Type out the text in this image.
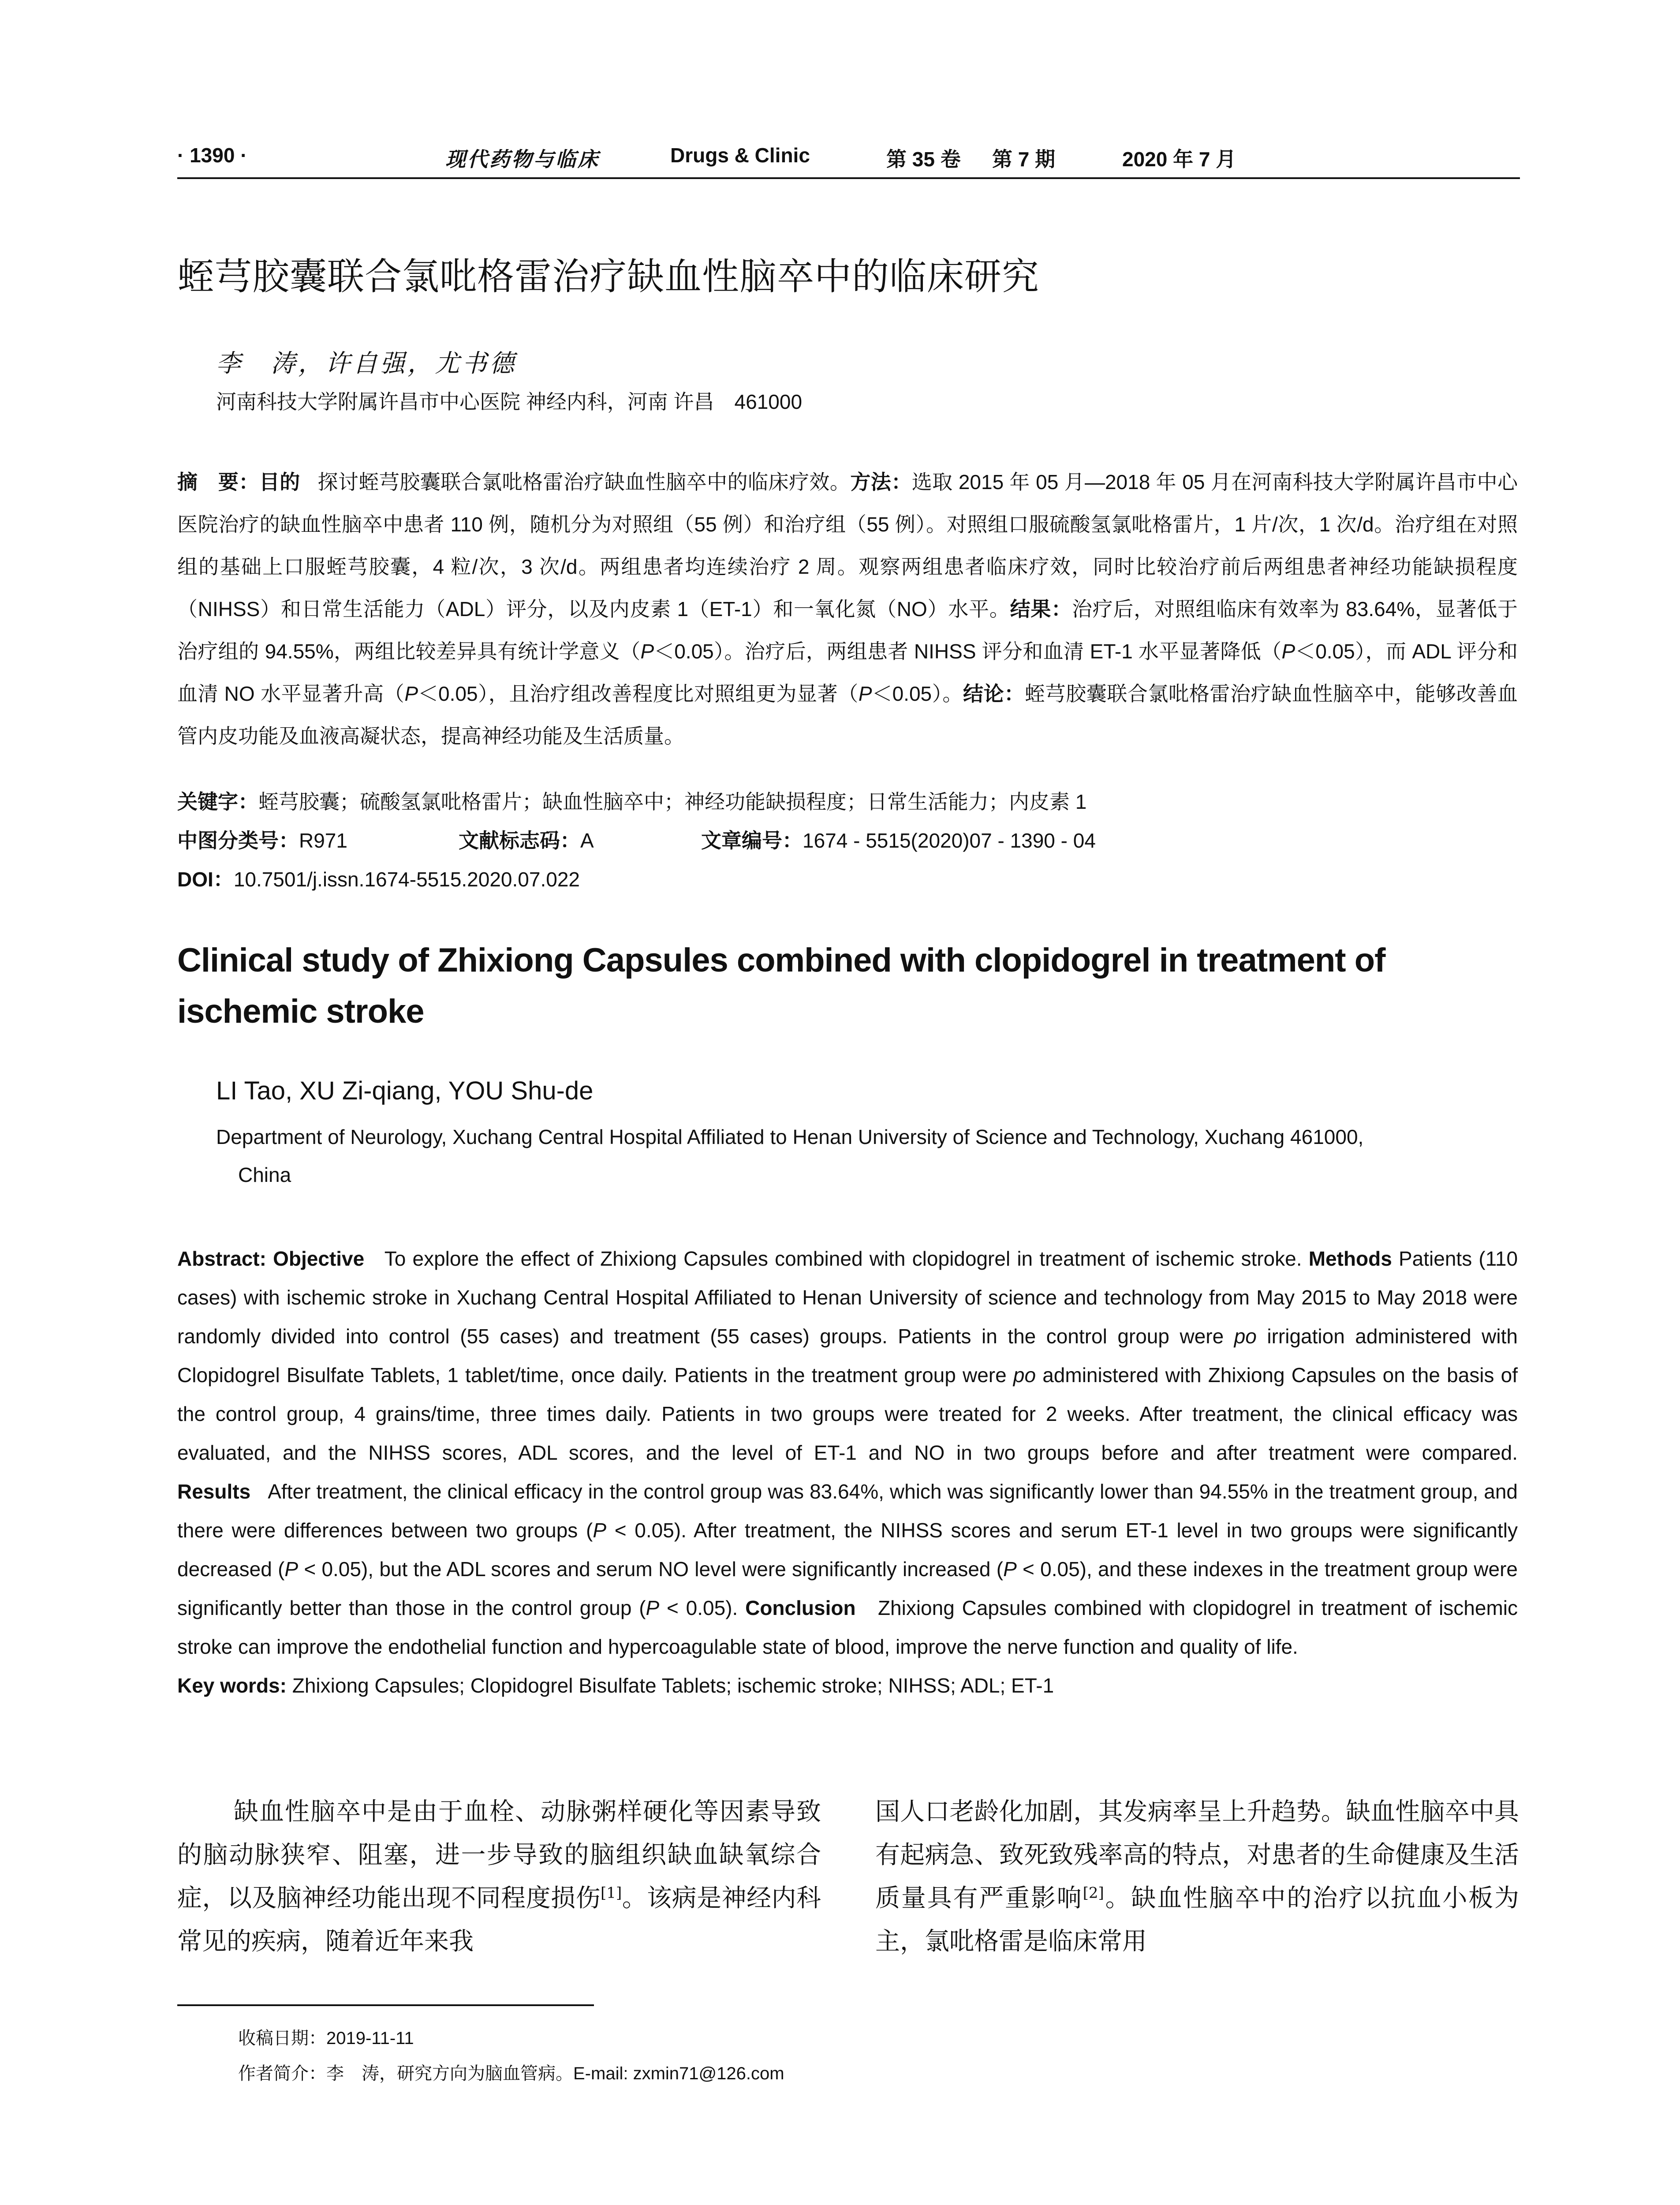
· 1390 ·	现代药物与临床	Drugs & Clinic	第 35 卷 第 7 期	2020 年 7 月
蛭芎胶囊联合氯吡格雷治疗缺血性脑卒中的临床研究
李　涛，许自强，尤书德
河南科技大学附属许昌市中心医院 神经内科，河南 许昌　461000

摘　要：目的 探讨蛭芎胶囊联合氯吡格雷治疗缺血性脑卒中的临床疗效。方法：选取 2015 年 05 月—2018 年 05 月在河南科技大学附属许昌市中心医院治疗的缺血性脑卒中患者 110 例，随机分为对照组（55 例）和治疗组（55 例）。对照组口服硫酸氢氯吡格雷片，1 片/次，1 次/d。治疗组在对照组的基础上口服蛭芎胶囊，4 粒/次，3 次/d。两组患者均连续治疗 2 周。观察两组患者临床疗效，同时比较治疗前后两组患者神经功能缺损程度（NIHSS）和日常生活能力（ADL）评分，以及内皮素 1（ET-1）和一氧化氮（NO）水平。结果：治疗后，对照组临床有效率为 83.64%，显著低于治疗组的 94.55%，两组比较差异具有统计学意义（P＜0.05）。治疗后，两组患者 NIHSS 评分和血清 ET-1 水平显著降低（P＜0.05），而 ADL 评分和血清 NO 水平显著升高（P＜0.05），且治疗组改善程度比对照组更为显著（P＜0.05）。结论：蛭芎胶囊联合氯吡格雷治疗缺血性脑卒中，能够改善血管内皮功能及血液高凝状态，提高神经功能及生活质量。

关键字：蛭芎胶囊；硫酸氢氯吡格雷片；缺血性脑卒中；神经功能缺损程度；日常生活能力；内皮素 1
中图分类号：R971	文献标志码：A	文章编号：1674 - 5515(2020)07 - 1390 - 04
DOI：10.7501/j.issn.1674-5515.2020.07.022
Clinical study of Zhixiong Capsules combined with clopidogrel in treatment of ischemic stroke
LI Tao, XU Zi-qiang, YOU Shu-de
Department of Neurology, Xuchang Central Hospital Affiliated to Henan University of Science and Technology, Xuchang 461000,
China
Abstract: Objective To explore the effect of Zhixiong Capsules combined with clopidogrel in treatment of ischemic stroke. Methods Patients (110 cases) with ischemic stroke in Xuchang Central Hospital Affiliated to Henan University of science and technology from May 2015 to May 2018 were randomly divided into control (55 cases) and treatment (55 cases) groups. Patients in the control group were po irrigation administered with Clopidogrel Bisulfate Tablets, 1 tablet/time, once daily. Patients in the treatment group were po administered with Zhixiong Capsules on the basis of the control group, 4 grains/time, three times daily. Patients in two groups were treated for 2 weeks. After treatment, the clinical efficacy was evaluated, and the NIHSS scores, ADL scores, and the level of ET-1 and NO in two groups before and after treatment were compared. Results After treatment, the clinical efficacy in the control group was 83.64%, which was significantly lower than 94.55% in the treatment group, and there were differences between two groups (P < 0.05). After treatment, the NIHSS scores and serum ET-1 level in two groups were significantly decreased (P < 0.05), but the ADL scores and serum NO level were significantly increased (P < 0.05), and these indexes in the treatment group were significantly better than those in the control group (P < 0.05). Conclusion Zhixiong Capsules combined with clopidogrel in treatment of ischemic stroke can improve the endothelial function and hypercoagulable state of blood, improve the nerve function and quality of life.
Key words: Zhixiong Capsules; Clopidogrel Bisulfate Tablets; ischemic stroke; NIHSS; ADL; ET-1
缺血性脑卒中是由于血栓、动脉粥样硬化等因素导致的脑动脉狭窄、阻塞，进一步导致的脑组织缺血缺氧综合症，以及脑神经功能出现不同程度损伤[1]。该病是神经内科常见的疾病，随着近年来我
国人口老龄化加剧，其发病率呈上升趋势。缺血性脑卒中具有起病急、致死致残率高的特点，对患者的生命健康及生活质量具有严重影响[2]。缺血性脑卒中的治疗以抗血小板为主，氯吡格雷是临床常用
收稿日期：2019-11-11
作者简介：李　涛，研究方向为脑血管病。E-mail: zxmin71@126.com
